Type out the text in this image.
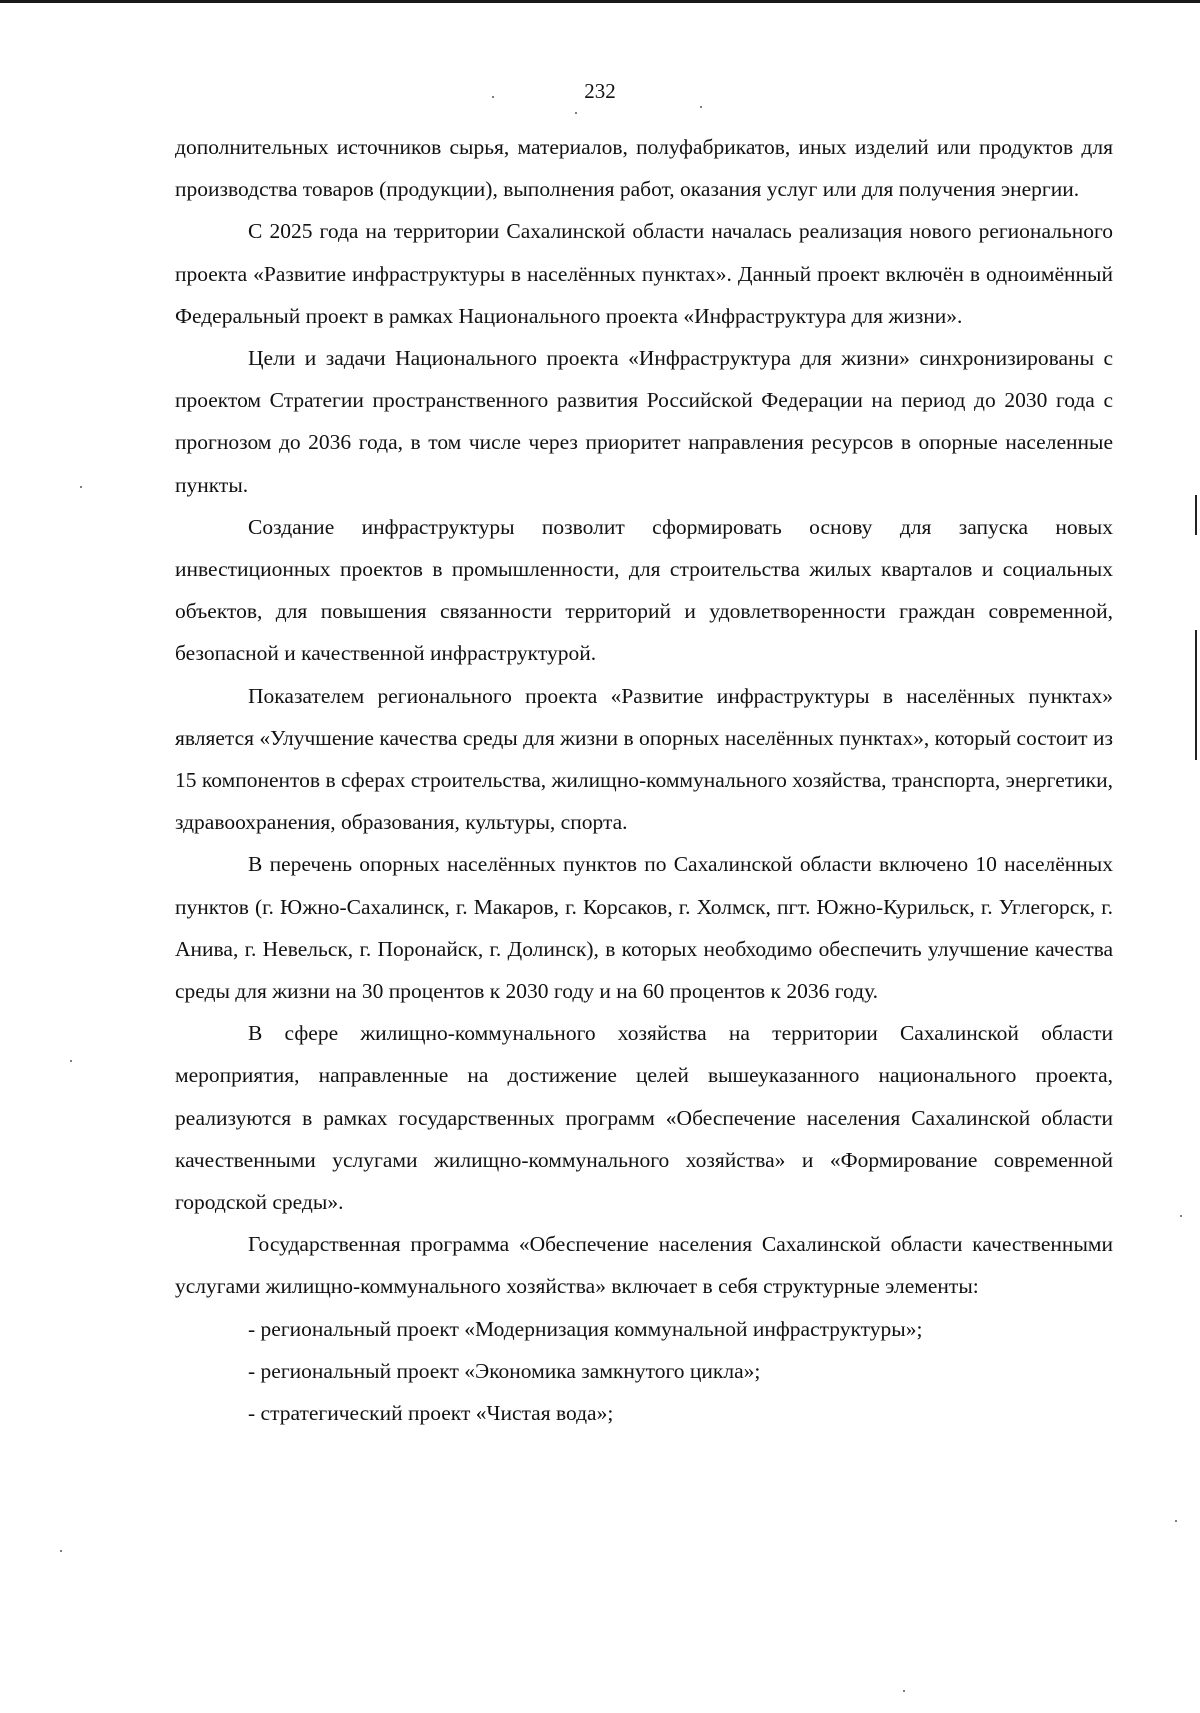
232

дополнительных источников сырья, материалов, полуфабрикатов, иных изделий или продуктов для производства товаров (продукции), выполнения работ, оказания услуг или для получения энергии.

С 2025 года на территории Сахалинской области началась реализация нового регионального проекта «Развитие инфраструктуры в населённых пунктах». Данный проект включён в одноимённый Федеральный проект в рамках Национального проекта «Инфраструктура для жизни».

Цели и задачи Национального проекта «Инфраструктура для жизни» синхронизированы с проектом Стратегии пространственного развития Российской Федерации на период до 2030 года с прогнозом до 2036 года, в том числе через приоритет направления ресурсов в опорные населенные пункты.

Создание инфраструктуры позволит сформировать основу для запуска новых инвестиционных проектов в промышленности, для строительства жилых кварталов и социальных объектов, для повышения связанности территорий и удовлетворенности граждан современной, безопасной и качественной инфраструктурой.

Показателем регионального проекта «Развитие инфраструктуры в населённых пунктах» является «Улучшение качества среды для жизни в опорных населённых пунктах», который состоит из 15 компонентов в сферах строительства, жилищно-коммунального хозяйства, транспорта, энергетики, здравоохранения, образования, культуры, спорта.

В перечень опорных населённых пунктов по Сахалинской области включено 10 населённых пунктов (г. Южно-Сахалинск, г. Макаров, г. Корсаков, г. Холмск, пгт. Южно-Курильск, г. Углегорск, г. Анива, г. Невельск, г. Поронайск, г. Долинск), в которых необходимо обеспечить улучшение качества среды для жизни на 30 процентов к 2030 году и на 60 процентов к 2036 году.

В сфере жилищно-коммунального хозяйства на территории Сахалинской области мероприятия, направленные на достижение целей вышеуказанного национального проекта, реализуются в рамках государственных программ «Обеспечение населения Сахалинской области качественными услугами жилищно-коммунального хозяйства» и «Формирование современной городской среды».

Государственная программа «Обеспечение населения Сахалинской области качественными услугами жилищно-коммунального хозяйства» включает в себя структурные элементы:

- региональный проект «Модернизация коммунальной инфраструктуры»;

- региональный проект «Экономика замкнутого цикла»;

- стратегический проект «Чистая вода»;
